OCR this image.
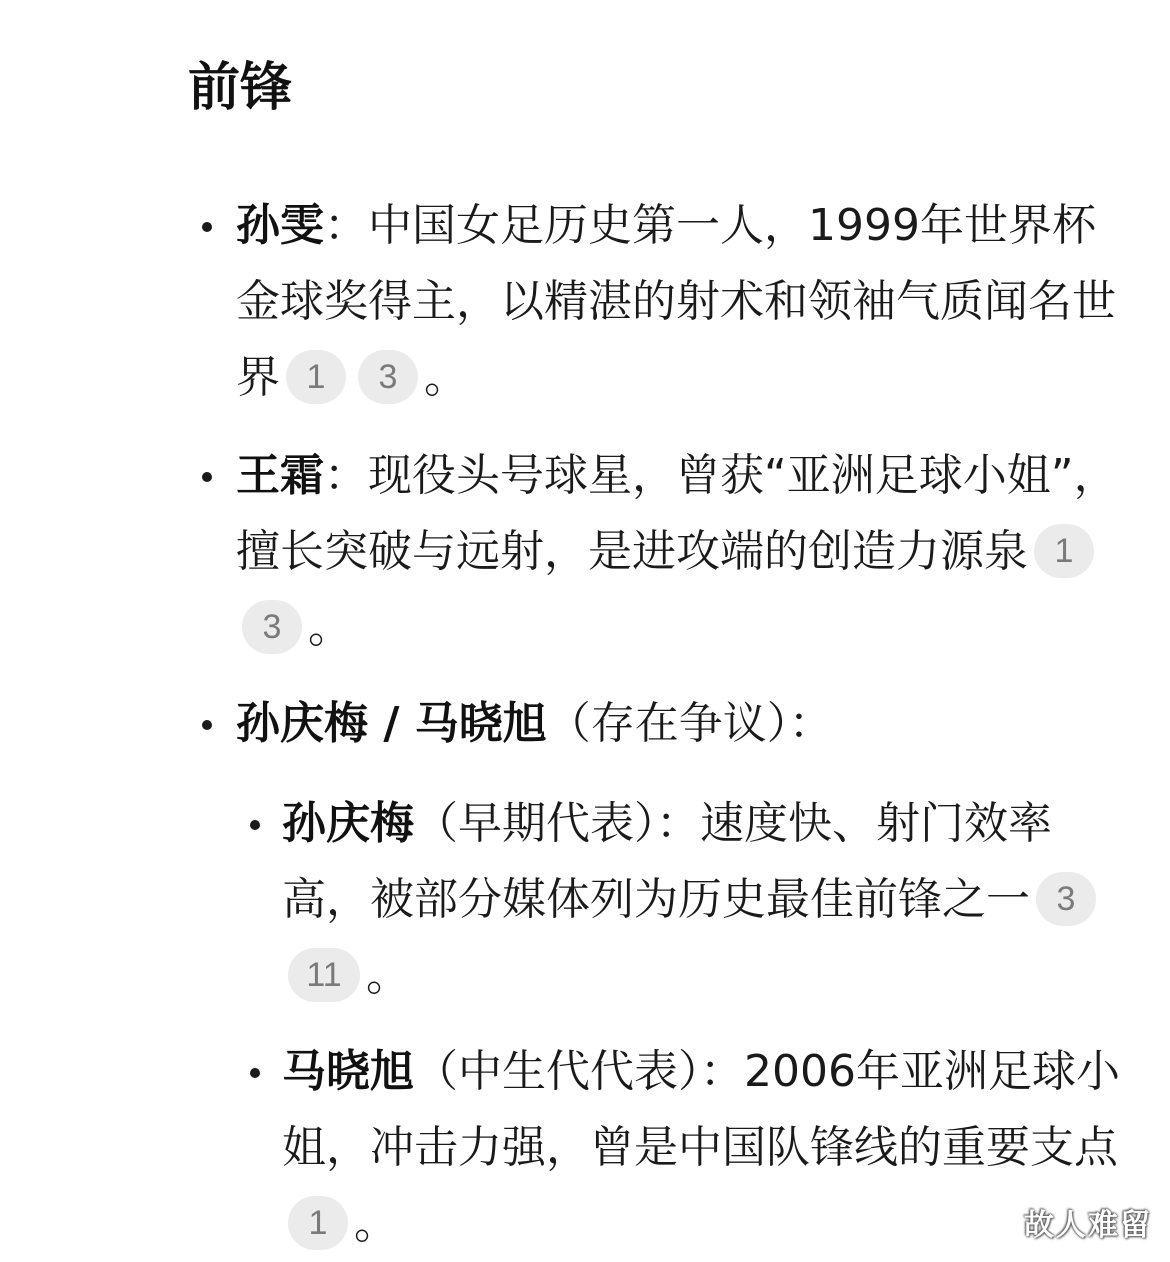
前锋
孙雯：中国女足历史第一人，1999年世界杯金球奖得主，以精湛的射术和领袖气质闻名世界 1 3 。
王霜：现役头号球星，曾获“亚洲足球小姐”，擅长突破与远射，是进攻端的创造力源泉 13 。
孙庆梅 / 马晓旭（存在争议）：
孙庆梅（早期代表）：速度快、射门效率高，被部分媒体列为历史最佳前锋之一 311 。
马晓旭（中生代代表）：2006年亚洲足球小姐，冲击力强，曾是中国队锋线的重要支点1 。	故人难留
